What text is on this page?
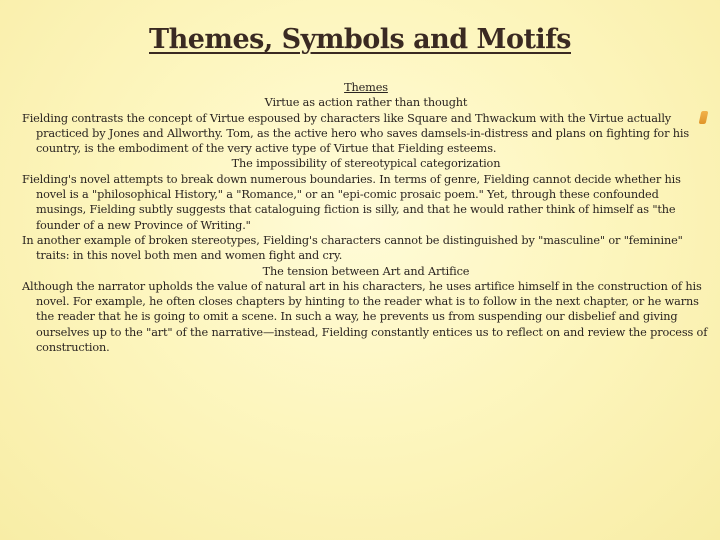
Themes, Symbols and Motifs

Themes

Virtue as action rather than thought

Fielding contrasts the concept of Virtue espoused by characters like Square and Thwackum with the Virtue actually practiced by Jones and Allworthy. Tom, as the active hero who saves damsels-in-distress and plans on fighting for his country, is the embodiment of the very active type of Virtue that Fielding esteems.

The impossibility of stereotypical categorization

Fielding's novel attempts to break down numerous boundaries. In terms of genre, Fielding cannot decide whether his novel is a "philosophical History," a "Romance," or an "epi-comic prosaic poem." Yet, through these confounded musings, Fielding subtly suggests that cataloguing fiction is silly, and that he would rather think of himself as "the founder of a new Province of Writing."

In another example of broken stereotypes, Fielding's characters cannot be distinguished by "masculine" or "feminine" traits: in this novel both men and women fight and cry.

The tension between Art and Artifice

Although the narrator upholds the value of natural art in his characters, he uses artifice himself in the construction of his novel. For example, he often closes chapters by hinting to the reader what is to follow in the next chapter, or he warns the reader that he is going to omit a scene. In such a way, he prevents us from suspending our disbelief and giving ourselves up to the "art" of the narrative—instead, Fielding constantly entices us to reflect on and review the process of construction.
